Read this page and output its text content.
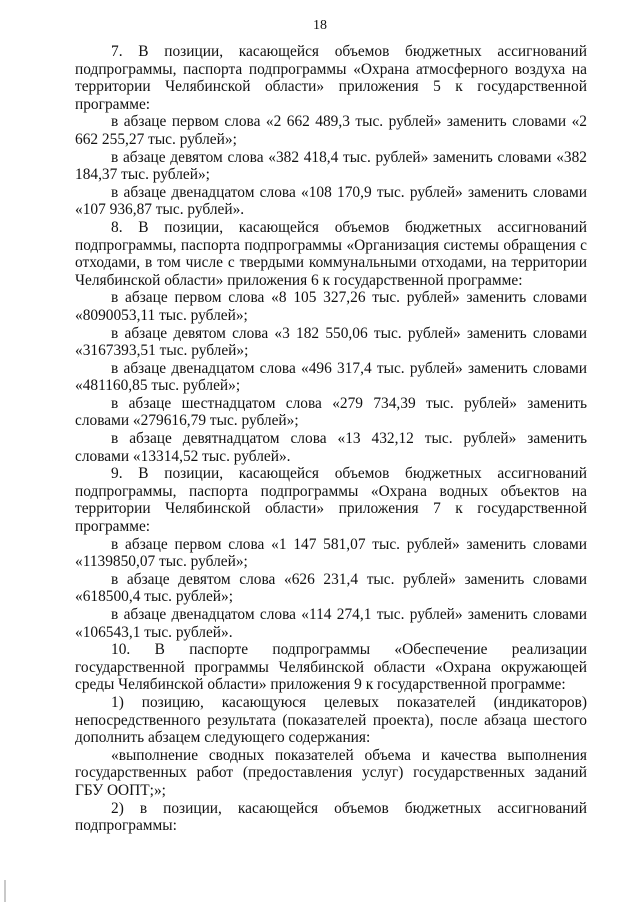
18

7. В позиции, касающейся объемов бюджетных ассигнований подпрограммы, паспорта подпрограммы «Охрана атмосферного воздуха на территории Челябинской области» приложения 5 к государственной программе:

в абзаце первом слова «2 662 489,3 тыс. рублей» заменить словами «2 662 255,27 тыс. рублей»;

в абзаце девятом слова «382 418,4 тыс. рублей» заменить словами «382 184,37 тыс. рублей»;

в абзаце двенадцатом слова «108 170,9 тыс. рублей» заменить словами «107 936,87 тыс. рублей».

8. В позиции, касающейся объемов бюджетных ассигнований подпрограммы, паспорта подпрограммы «Организация системы обращения с отходами, в том числе с твердыми коммунальными отходами, на территории Челябинской области» приложения 6 к государственной программе:

в абзаце первом слова «8 105 327,26 тыс. рублей» заменить словами «8090053,11 тыс. рублей»;

в абзаце девятом слова «3 182 550,06 тыс. рублей» заменить словами «3167393,51 тыс. рублей»;

в абзаце двенадцатом слова «496 317,4 тыс. рублей» заменить словами «481160,85 тыс. рублей»;

в абзаце шестнадцатом слова «279 734,39 тыс. рублей» заменить словами «279616,79 тыс. рублей»;

в абзаце девятнадцатом слова «13 432,12 тыс. рублей» заменить словами «13314,52 тыс. рублей».

9. В позиции, касающейся объемов бюджетных ассигнований подпрограммы, паспорта подпрограммы «Охрана водных объектов на территории Челябинской области» приложения 7 к государственной программе:

в абзаце первом слова «1 147 581,07 тыс. рублей» заменить словами «1139850,07 тыс. рублей»;

в абзаце девятом слова «626 231,4 тыс. рублей» заменить словами «618500,4 тыс. рублей»;

в абзаце двенадцатом слова «114 274,1 тыс. рублей» заменить словами «106543,1 тыс. рублей».

10. В паспорте подпрограммы «Обеспечение реализации государственной программы Челябинской области «Охрана окружающей среды Челябинской области» приложения 9 к государственной программе:

1) позицию, касающуюся целевых показателей (индикаторов) непосредственного результата (показателей проекта), после абзаца шестого дополнить абзацем следующего содержания:

«выполнение сводных показателей объема и качества выполнения государственных работ (предоставления услуг) государственных заданий ГБУ ООПТ;»;

2) в позиции, касающейся объемов бюджетных ассигнований подпрограммы:
